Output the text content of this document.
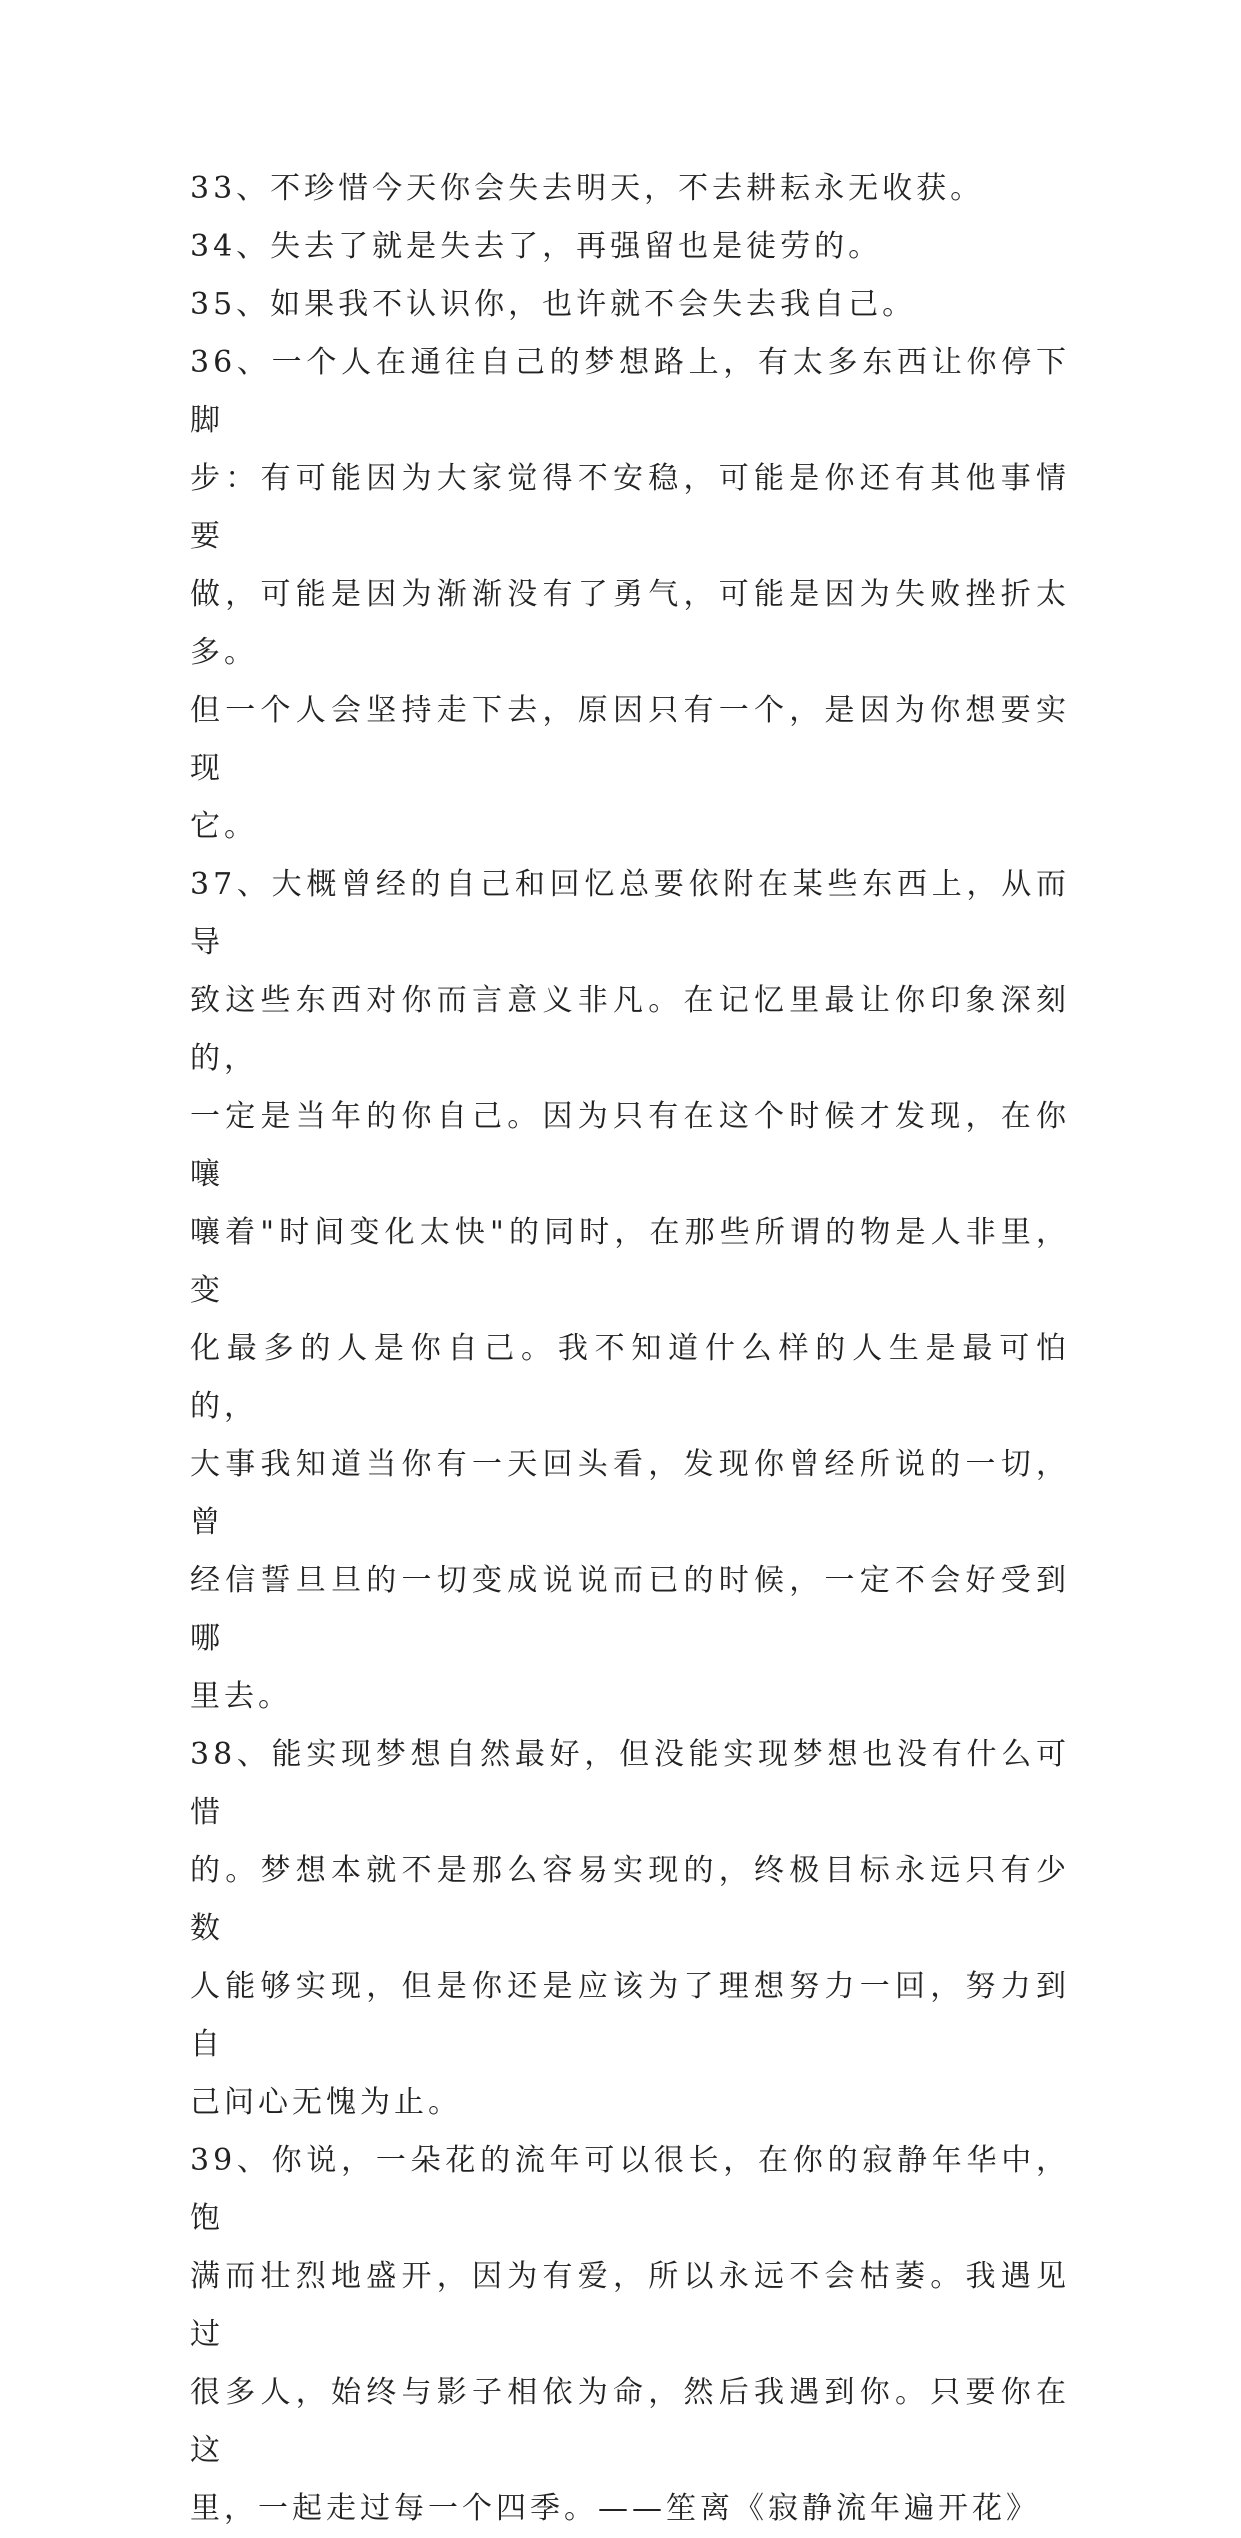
33、不珍惜今天你会失去明天，不去耕耘永无收获。

34、失去了就是失去了，再强留也是徒劳的。

35、如果我不认识你，也许就不会失去我自己。

36、一个人在通往自己的梦想路上，有太多东西让你停下脚
步：有可能因为大家觉得不安稳，可能是你还有其他事情要
做，可能是因为渐渐没有了勇气，可能是因为失败挫折太多。
但一个人会坚持走下去，原因只有一个，是因为你想要实现
它。

37、大概曾经的自己和回忆总要依附在某些东西上，从而导
致这些东西对你而言意义非凡。在记忆里最让你印象深刻的，
一定是当年的你自己。因为只有在这个时候才发现，在你嚷
嚷着"时间变化太快"的同时，在那些所谓的物是人非里，变
化最多的人是你自己。我不知道什么样的人生是最可怕的，
大事我知道当你有一天回头看，发现你曾经所说的一切，曾
经信誓旦旦的一切变成说说而已的时候，一定不会好受到哪
里去。

38、能实现梦想自然最好，但没能实现梦想也没有什么可惜
的。梦想本就不是那么容易实现的，终极目标永远只有少数
人能够实现，但是你还是应该为了理想努力一回，努力到自
己问心无愧为止。

39、你说，一朵花的流年可以很长，在你的寂静年华中，饱
满而壮烈地盛开，因为有爱，所以永远不会枯萎。我遇见过
很多人，始终与影子相依为命，然后我遇到你。只要你在这
里，一起走过每一个四季。——笙离《寂静流年遍开花》
